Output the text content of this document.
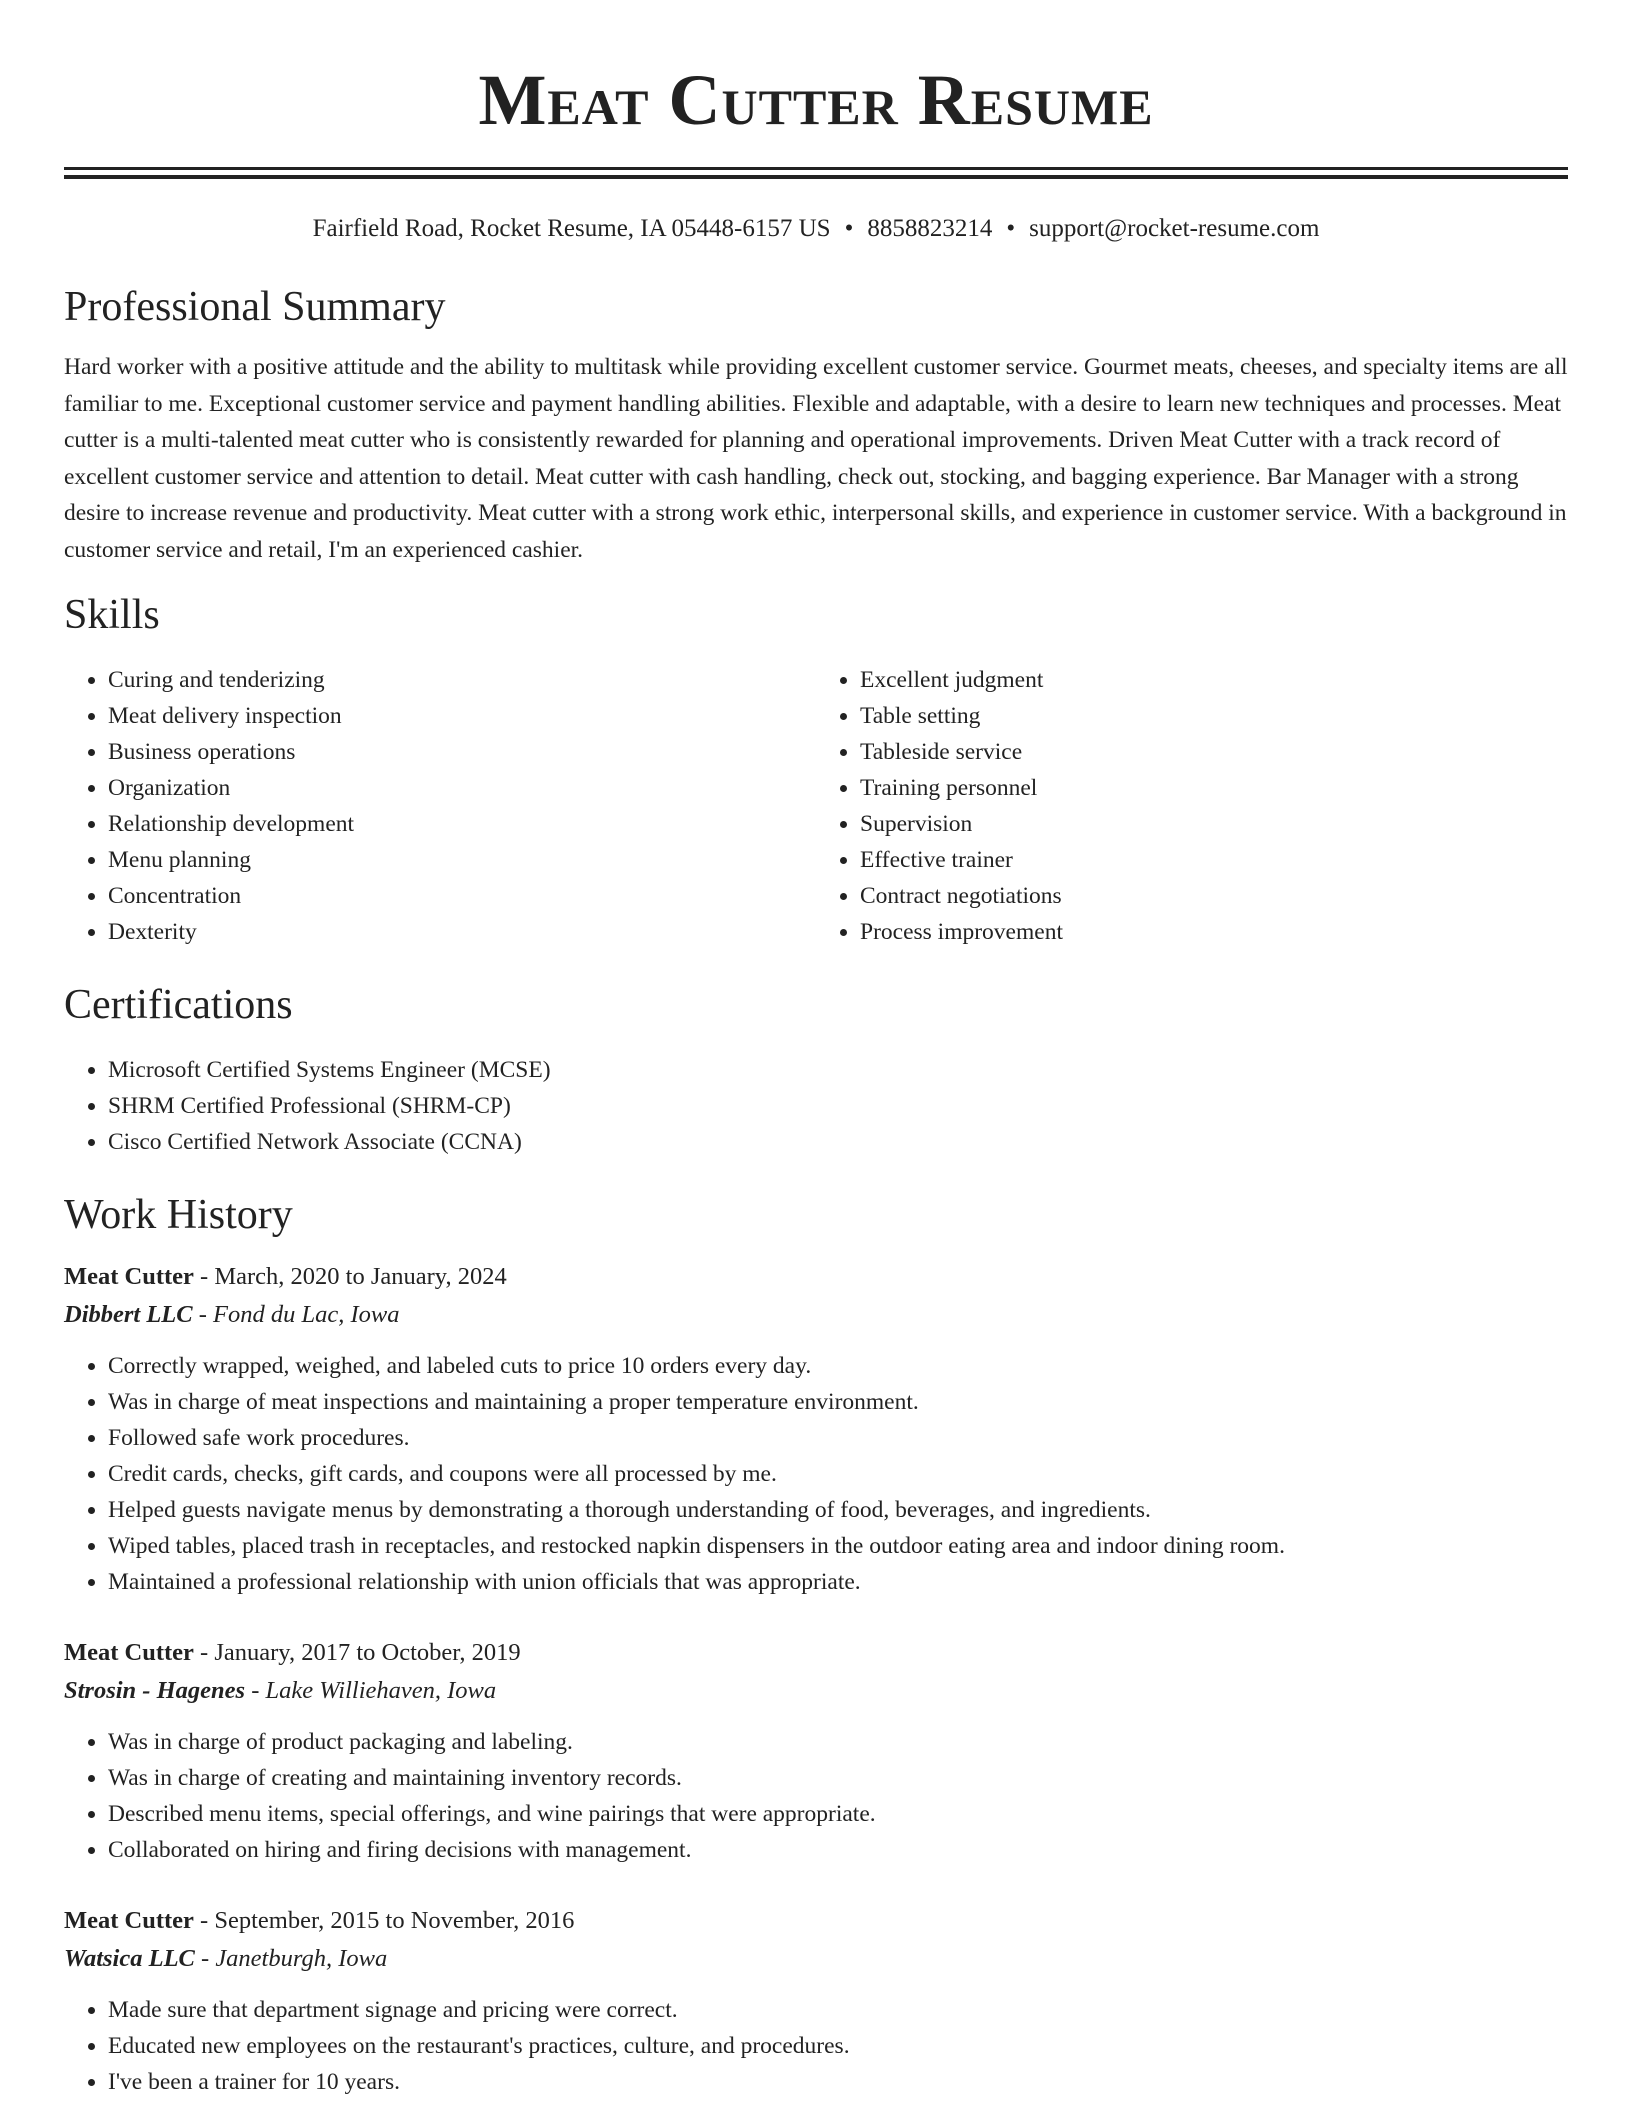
Meat Cutter Resume
Fairfield Road, Rocket Resume, IA 05448-6157 US • 8858823214 • support@rocket-resume.com
Professional Summary
Hard worker with a positive attitude and the ability to multitask while providing excellent customer service. Gourmet meats, cheeses, and specialty items are all familiar to me. Exceptional customer service and payment handling abilities. Flexible and adaptable, with a desire to learn new techniques and processes. Meat cutter is a multi-talented meat cutter who is consistently rewarded for planning and operational improvements. Driven Meat Cutter with a track record of excellent customer service and attention to detail. Meat cutter with cash handling, check out, stocking, and bagging experience. Bar Manager with a strong desire to increase revenue and productivity. Meat cutter with a strong work ethic, interpersonal skills, and experience in customer service. With a background in customer service and retail, I'm an experienced cashier.
Skills
• Curing and tenderizing
• Meat delivery inspection
• Business operations
• Organization
• Relationship development
• Menu planning
• Concentration
• Dexterity
• Excellent judgment
• Table setting
• Tableside service
• Training personnel
• Supervision
• Effective trainer
• Contract negotiations
• Process improvement
Certifications
• Microsoft Certified Systems Engineer (MCSE)
• SHRM Certified Professional (SHRM-CP)
• Cisco Certified Network Associate (CCNA)
Work History
Meat Cutter - March, 2020 to January, 2024
Dibbert LLC - Fond du Lac, Iowa
• Correctly wrapped, weighed, and labeled cuts to price 10 orders every day.
• Was in charge of meat inspections and maintaining a proper temperature environment.
• Followed safe work procedures.
• Credit cards, checks, gift cards, and coupons were all processed by me.
• Helped guests navigate menus by demonstrating a thorough understanding of food, beverages, and ingredients.
• Wiped tables, placed trash in receptacles, and restocked napkin dispensers in the outdoor eating area and indoor dining room.
• Maintained a professional relationship with union officials that was appropriate.
Meat Cutter - January, 2017 to October, 2019
Strosin - Hagenes - Lake Williehaven, Iowa
• Was in charge of product packaging and labeling.
• Was in charge of creating and maintaining inventory records.
• Described menu items, special offerings, and wine pairings that were appropriate.
• Collaborated on hiring and firing decisions with management.
Meat Cutter - September, 2015 to November, 2016
Watsica LLC - Janetburgh, Iowa
• Made sure that department signage and pricing were correct.
• Educated new employees on the restaurant's practices, culture, and procedures.
• I've been a trainer for 10 years.
